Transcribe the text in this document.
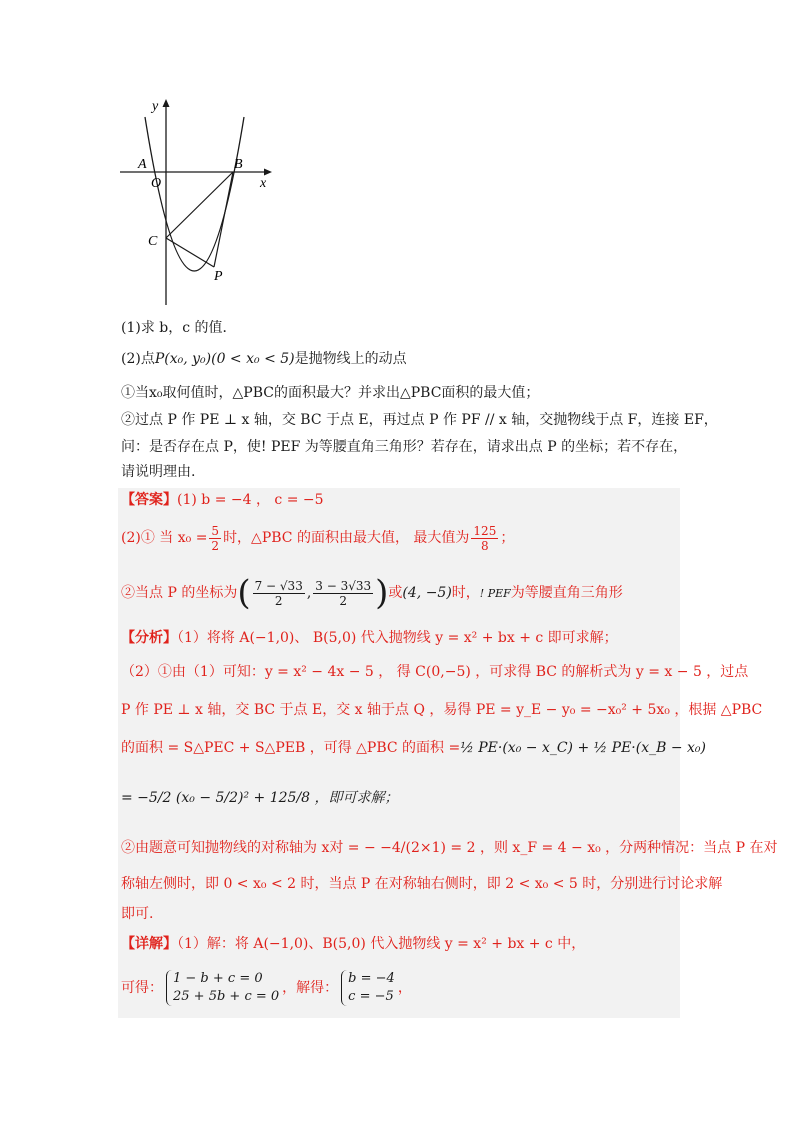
y
x
A
O
B
C
P
(1)求 b，c 的值．
(2)点P(x₀, y₀)(0 < x₀ < 5)是抛物线上的动点
①当x₀取何值时，△PBC的面积最大？并求出△PBC面积的最大值；
②过点 P 作 PE ⊥ x 轴，交 BC 于点 E，再过点 P 作 PF // x 轴，交抛物线于点 F，连接 EF，
问：是否存在点 P，使! PEF 为等腰直角三角形？若存在，请求出点 P 的坐标；若不存在，
请说明理由.
【答案】(1) b = −4 ， c = −5
(2)① 当 $x_0 = \frac{5}{2}$ 时，△PBC 的面积由最大值， 最大值为 $\frac{125}{8}$ ；
②当点 P 的坐标为( $\frac{7 - √33}{2}$ , $\frac{3 - 3√33}{2}$ )或(4, −5)时，! PEF为等腰直角三角形
【分析】（1）将将 A(−1,0)、 B(5,0) 代入抛物线 y = x² + bx + c 即可求解；
（2）①由（1）可知：y = x² − 4x − 5 ， 得 C(0,−5) ，可求得 BC 的解析式为 y = x − 5 ，过点
P 作 PE ⊥ x 轴，交 BC 于点 E，交 x 轴于点 Q ，易得 PE = y_E − y₀ = −x₀² + 5x₀ ，根据 △PBC
的面积 = S△PEC + S△PEB ，可得 △PBC 的面积 =½ PE·(x₀ − x_C) + ½ PE·(x_B − x₀)
= −5/2 (x₀ − 5/2)² + 125/8 ，即可求解；
②由题意可知抛物线的对称轴为 x对 = − −4/(2×1) = 2 ，则 x_F = 4 − x₀ ，分两种情况：当点 P 在对
称轴左侧时，即 0 < x₀ < 2 时，当点 P 在对称轴右侧时，即 2 < x₀ < 5 时，分别进行讨论求解
即可.
【详解】（1）解：将 A(−1,0)、B(5,0) 代入抛物线 y = x² + bx + c 中，
可得：
1 − b + c = 0
25 + 5b + c = 0
，解得：
b = −4
c = −5
，
